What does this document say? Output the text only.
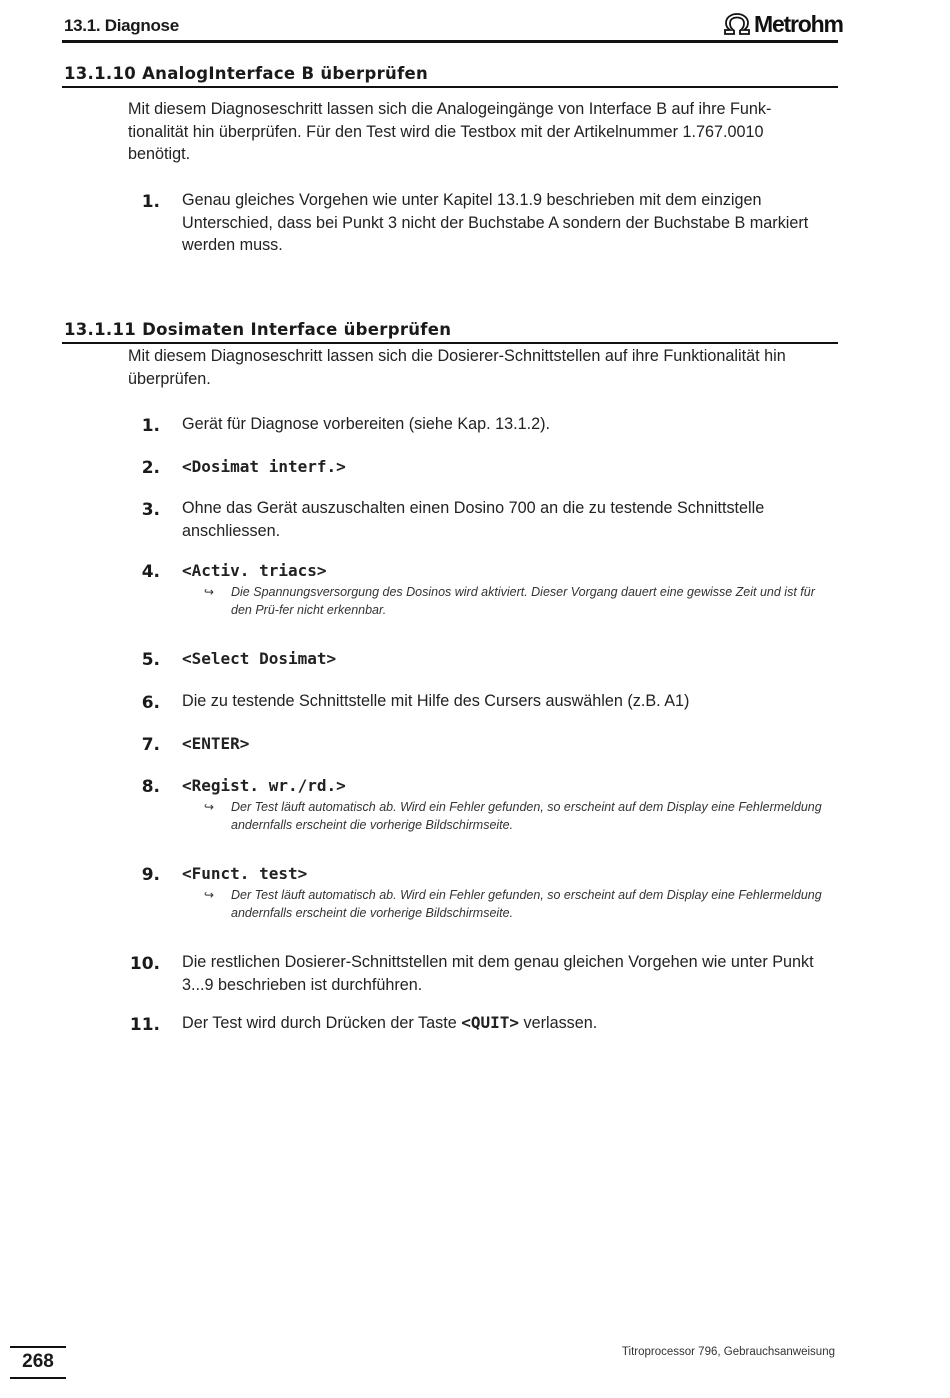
13.1. Diagnose	Metrohm
13.1.10 AnalogInterface B überprüfen
Mit diesem Diagnoseschritt lassen sich die Analogeingänge von Interface B auf ihre Funk-tionalität hin überprüfen. Für den Test wird die Testbox mit der Artikelnummer 1.767.0010 benötigt.
1. Genau gleiches Vorgehen wie unter Kapitel 13.1.9 beschrieben mit dem einzigen Unterschied, dass bei Punkt 3 nicht der Buchstabe A sondern der Buchstabe B markiert werden muss.
13.1.11 Dosimaten Interface überprüfen
Mit diesem Diagnoseschritt lassen sich die Dosierer-Schnittstellen auf ihre Funktionalität hin überprüfen.
1. Gerät für Diagnose vorbereiten (siehe Kap. 13.1.2).
2. <Dosimat interf.>
3. Ohne das Gerät auszuschalten einen Dosino 700 an die zu testende Schnittstelle anschliessen.
4. <Activ. triacs>
↪ Die Spannungsversorgung des Dosinos wird aktiviert. Dieser Vorgang dauert eine gewisse Zeit und ist für den Prü-fer nicht erkennbar.
5. <Select Dosimat>
6. Die zu testende Schnittstelle mit Hilfe des Cursers auswählen (z.B. A1)
7. <ENTER>
8. <Regist. wr./rd.>
↪ Der Test läuft automatisch ab. Wird ein Fehler gefunden, so erscheint auf dem Display eine Fehlermeldung andernfalls erscheint die vorherige Bildschirmseite.
9. <Funct. test>
↪ Der Test läuft automatisch ab. Wird ein Fehler gefunden, so erscheint auf dem Display eine Fehlermeldung andernfalls erscheint die vorherige Bildschirmseite.
10. Die restlichen Dosierer-Schnittstellen mit dem genau gleichen Vorgehen wie unter Punkt 3...9 beschrieben ist durchführen.
11. Der Test wird durch Drücken der Taste <QUIT> verlassen.
268	Titroprocessor 796, Gebrauchsanweisung
